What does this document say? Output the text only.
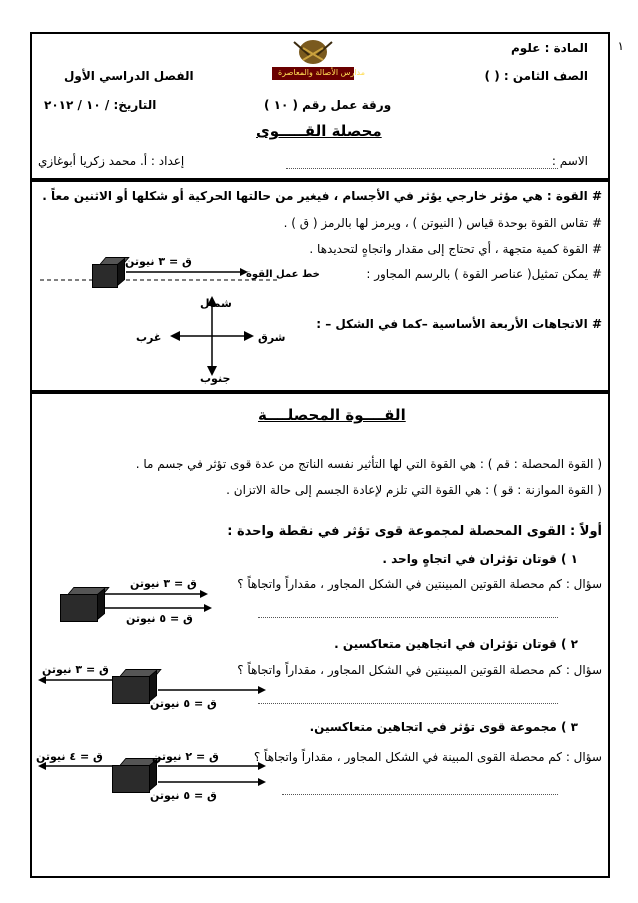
١
المادة : علوم
الصف الثامن : ( )
الفصل الدراسي الأول
ورقة عمل رقم ( ١٠ )
التاريخ: / ١٠ / ٢٠١٢
محصلة القـــــوى
الاسم :
إعداد : أ. محمد زكريا أبوغازي
مدارس الأصالة والمعاصرة
# القوة : هي مؤثر خارجي يؤثر في الأجسام ، فيغير من حالتها الحركية أو شكلها أو الاثنين معاً .
# تقاس القوة بوحدة قياس ( النيوتن ) ، ويرمز لها بالرمز ( ق ) .
# القوة كمية متجهة ، أي تحتاج إلى مقدار واتجاهٍ لتحديدها .
# يمكن تمثيل( عناصر القوة ) بالرسم المجاور :
# الاتجاهات الأربعة الأساسية –كما في الشكل – :
ق = ٣ نيوتن
خط عمل القوة
شمال
جنوب
شرق
غرب
القــــوة المحصلــــة
( القوة المحصلة : قم ) : هي القوة التي لها التأثير نفسه الناتج من عدة قوى تؤثر في جسم ما .
( القوة الموازنة : قو ) : هي القوة التي تلزم لإعادة الجسم إلى حالة الاتزان .
أولاً : القوى المحصلة لمجموعة قوى تؤثر في نقطة واحدة :
١ ) قوتان تؤثران في اتجاهٍ واحد .
سؤال : كم محصلة القوتين المبينتين في الشكل المجاور ، مقداراً واتجاهاً ؟
ق = ٣ نيوتن
ق = ٥ نيوتن
٢ ) قوتان تؤثران في اتجاهين متعاكسين .
سؤال : كم محصلة القوتين المبينتين في الشكل المجاور ، مقداراً واتجاهاً ؟
ق = ٣ نيوتن
ق = ٥ نيوتن
٣ ) مجموعة قوى تؤثر في اتجاهين متعاكسين.
سؤال : كم محصلة القوى المبينة في الشكل المجاور ، مقداراً واتجاهاً ؟
ق = ٤ نيوتن	ق = ٢ نيوتن
ق = ٥ نيوتن
